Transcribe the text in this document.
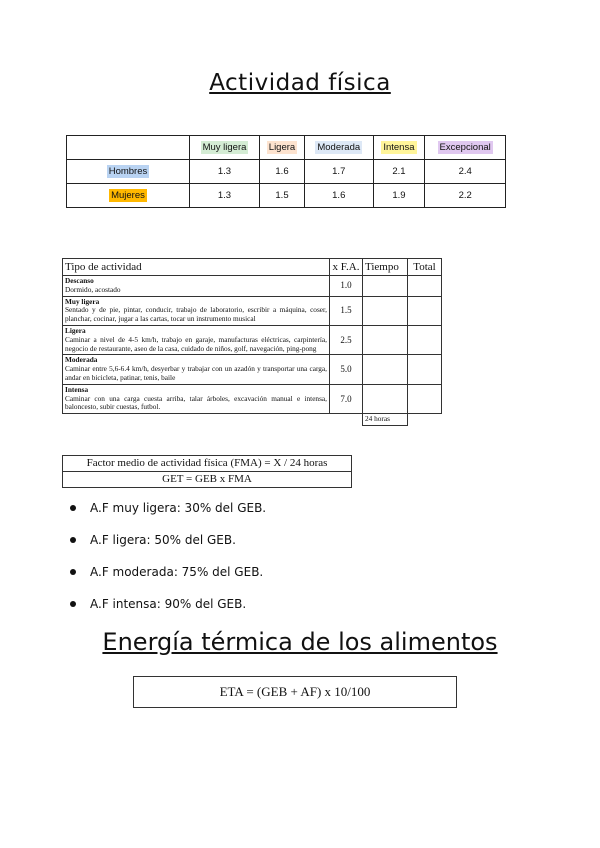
Actividad física
	Muy ligera	Ligera	Moderada	Intensa	Excepcional
Hombres	1.3	1.6	1.7	2.1	2.4
Mujeres	1.3	1.5	1.6	1.9	2.2
Tipo de actividad	x F.A.	Tiempo	Total

Descanso
Dormido, acostado	1.0		

Muy ligera
Sentado y de pie, pintar, conducir, trabajo de laboratorio, escribir a máquina, coser, planchar, cocinar, jugar a las cartas, tocar un instrumento musical	1.5		

Ligera
Caminar a nivel de 4-5 km/h, trabajo en garaje, manufacturas eléctricas, carpintería, negocio de restaurante, aseo de la casa, cuidado de niños, golf, navegación, ping-pong	2.5		

Moderada
Caminar entre 5,6-6.4 km/h, desyerbar y trabajar con un azadón y transportar una carga, andar en bicicleta, patinar, tenis, baile	5.0		

Intensa
Caminar con una carga cuesta arriba, talar árboles, excavación manual e intensa, baloncesto, subir cuestas, futbol.	7.0		
		24 horas	
Factor medio de actividad física (FMA) = X / 24 horas
GET = GEB x FMA
A.F muy ligera: 30% del GEB.
A.F ligera: 50% del GEB.
A.F moderada: 75% del GEB.
A.F intensa: 90% del GEB.
Energía térmica de los alimentos
ETA = (GEB + AF) x 10/100
